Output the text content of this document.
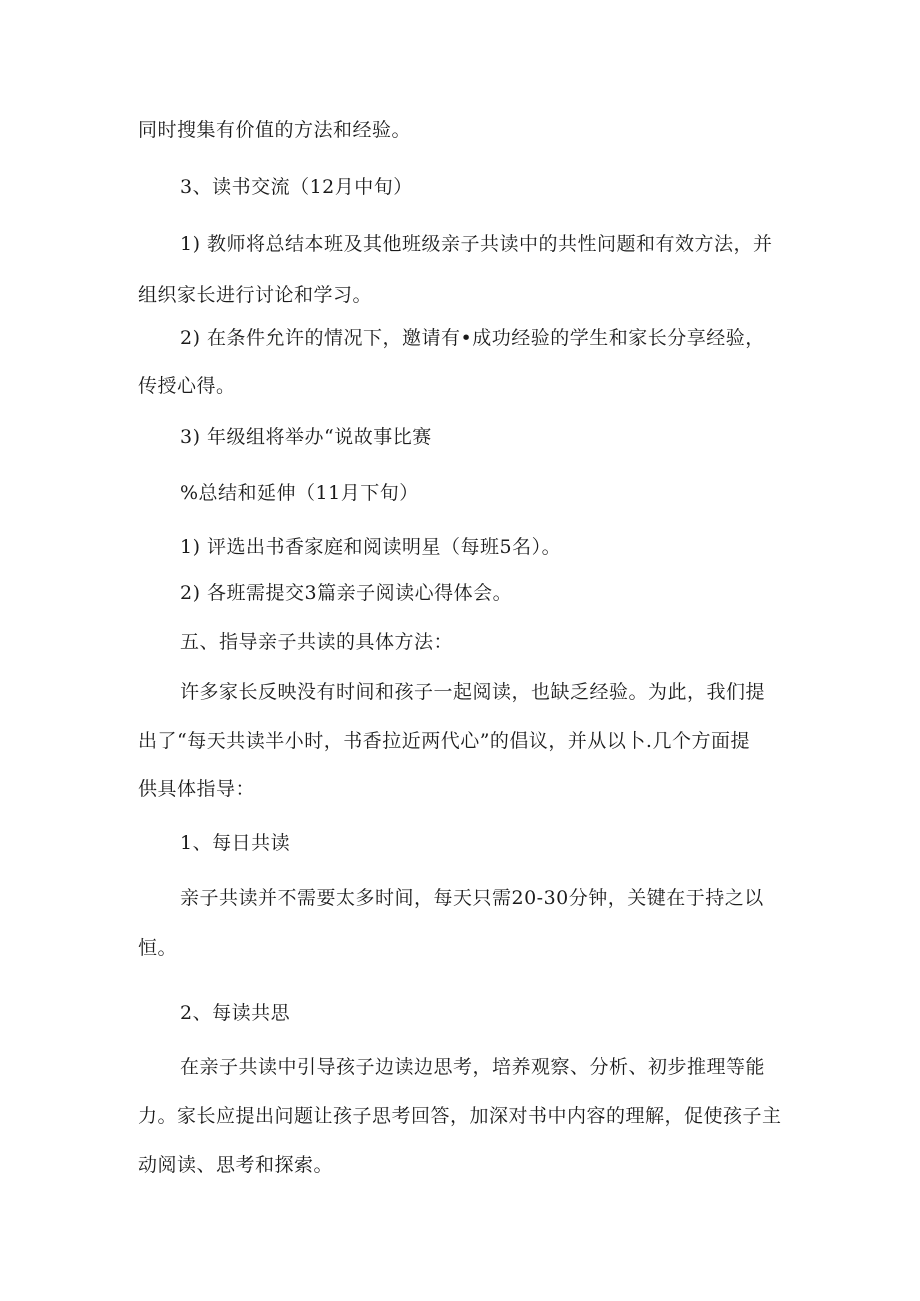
同时搜集有价值的方法和经验。
3、读书交流（12月中旬）
1) 教师将总结本班及其他班级亲子共读中的共性问题和有效方法，并
组织家长进行讨论和学习。
2) 在条件允许的情况下，邀请有•成功经验的学生和家长分享经验，
传授心得。
3) 年级组将举办“说故事比赛
%总结和延伸（11月下旬）
1) 评选出书香家庭和阅读明星（每班5名）。
2) 各班需提交3篇亲子阅读心得体会。
五、指导亲子共读的具体方法：
许多家长反映没有时间和孩子一起阅读，也缺乏经验。为此，我们提
出了“每天共读半小时，书香拉近两代心”的倡议，并从以卜.几个方面提
供具体指导：
1、每日共读
亲子共读并不需要太多时间，每天只需20-30分钟，关键在于持之以
恒。
2、每读共思
在亲子共读中引导孩子边读边思考，培养观察、分析、初步推理等能
力。家长应提出问题让孩子思考回答，加深对书中内容的理解，促使孩子主
动阅读、思考和探索。
